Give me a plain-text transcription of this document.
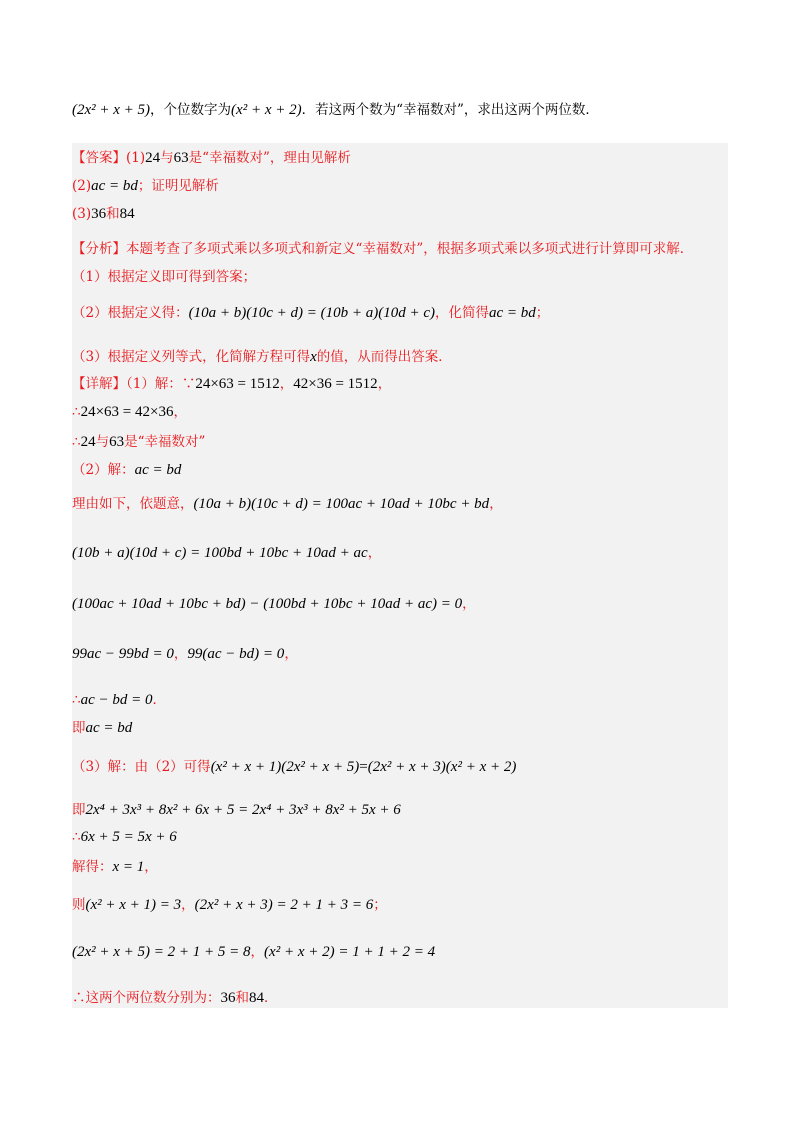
(2x² + x + 5)，个位数字为(x² + x + 2)．若这两个数为“幸福数对”，求出这两个两位数．
【答案】(1)24与63是“幸福数对”，理由见解析
(2)ac = bd；证明见解析
(3)36和84
【分析】本题考查了多项式乘以多项式和新定义“幸福数对”，根据多项式乘以多项式进行计算即可求解．
（1）根据定义即可得到答案；
（2）根据定义得：(10a + b)(10c + d) = (10b + a)(10d + c)，化简得ac = bd；
（3）根据定义列等式，化简解方程可得x的值，从而得出答案．
【详解】（1）解：∵24×63 = 1512，42×36 = 1512，
∴24×63 = 42×36，
∴24与63是“幸福数对”
（2）解：ac = bd
理由如下，依题意，(10a + b)(10c + d) = 100ac + 10ad + 10bc + bd，
(10b + a)(10d + c) = 100bd + 10bc + 10ad + ac，
(100ac + 10ad + 10bc + bd) − (100bd + 10bc + 10ad + ac) = 0，
99ac − 99bd = 0，99(ac − bd) = 0，
∴ac − bd = 0．
即ac = bd
（3）解：由（2）可得(x² + x + 1)(2x² + x + 5)=(2x² + x + 3)(x² + x + 2)
即2x⁴ + 3x³ + 8x² + 6x + 5 = 2x⁴ + 3x³ + 8x² + 5x + 6
∴6x + 5 = 5x + 6
解得：x = 1，
则(x² + x + 1) = 3，(2x² + x + 3) = 2 + 1 + 3 = 6；
(2x² + x + 5) = 2 + 1 + 5 = 8，(x² + x + 2) = 1 + 1 + 2 = 4
∴这两个两位数分别为：36和84．
